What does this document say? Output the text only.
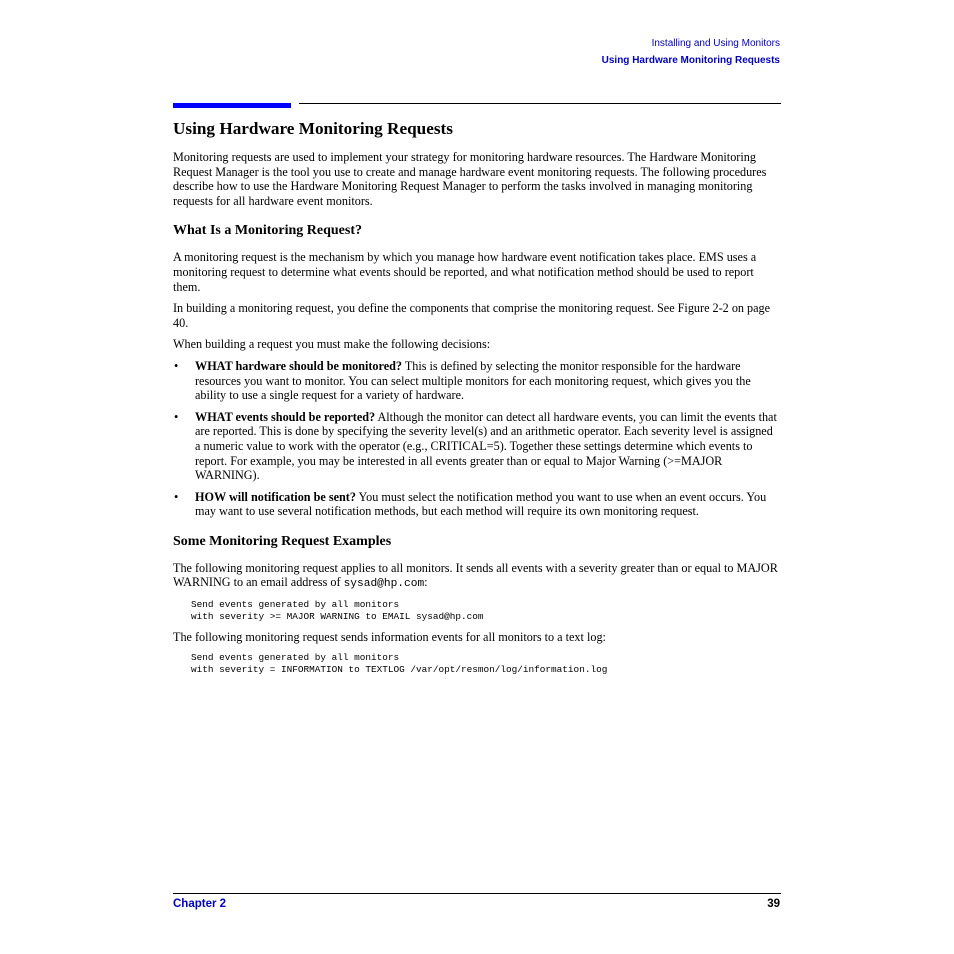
Installing and Using Monitors
Using Hardware Monitoring Requests
Using Hardware Monitoring Requests

Monitoring requests are used to implement your strategy for monitoring hardware resources. The Hardware Monitoring Request Manager is the tool you use to create and manage hardware event monitoring requests. The following procedures describe how to use the Hardware Monitoring Request Manager to perform the tasks involved in managing monitoring requests for all hardware event monitors.

What Is a Monitoring Request?

A monitoring request is the mechanism by which you manage how hardware event notification takes place. EMS uses a monitoring request to determine what events should be reported, and what notification method should be used to report them.

In building a monitoring request, you define the components that comprise the monitoring request. See Figure 2-2 on page 40.

When building a request you must make the following decisions:

• WHAT hardware should be monitored? This is defined by selecting the monitor responsible for the hardware resources you want to monitor. You can select multiple monitors for each monitoring request, which gives you the ability to use a single request for a variety of hardware.
• WHAT events should be reported? Although the monitor can detect all hardware events, you can limit the events that are reported. This is done by specifying the severity level(s) and an arithmetic operator. Each severity level is assigned a numeric value to work with the operator (e.g., CRITICAL=5). Together these settings determine which events to report. For example, you may be interested in all events greater than or equal to Major Warning (>=MAJOR WARNING).
• HOW will notification be sent? You must select the notification method you want to use when an event occurs. You may want to use several notification methods, but each method will require its own monitoring request.
Some Monitoring Request Examples

The following monitoring request applies to all monitors. It sends all events with a severity greater than or equal to MAJOR WARNING to an email address of sysad@hp.com:

Send events generated by all monitors
with severity >= MAJOR WARNING to EMAIL sysad@hp.com

The following monitoring request sends information events for all monitors to a text log:

Send events generated by all monitors
with severity = INFORMATION to TEXTLOG /var/opt/resmon/log/information.log
Chapter 2	39
